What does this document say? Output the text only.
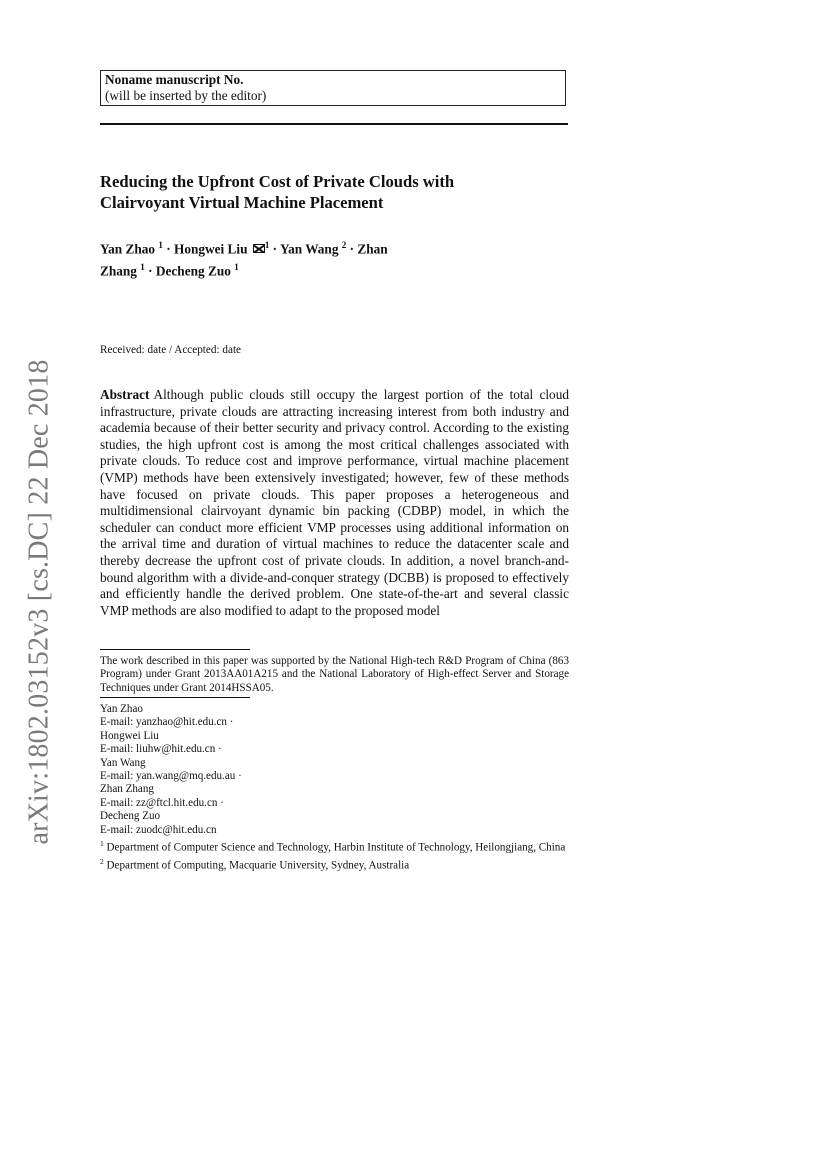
arXiv:1802.03152v3 [cs.DC] 22 Dec 2018
Noname manuscript No.
(will be inserted by the editor)
Reducing the Upfront Cost of Private Clouds with
Clairvoyant Virtual Machine Placement
Yan Zhao $^1$ · Hongwei Liu $^1$ · Yan Wang $^2$ · Zhan Zhang $^1$ · Decheng Zuo $^1$
Received: date / Accepted: date
Abstract Although public clouds still occupy the largest portion of the total cloud infrastructure, private clouds are attracting increasing interest from both industry and academia because of their better security and privacy control. According to the existing studies, the high upfront cost is among the most critical challenges associated with private clouds. To reduce cost and improve performance, virtual machine placement (VMP) methods have been extensively investigated; however, few of these methods have focused on private clouds. This paper proposes a heterogeneous and multidimensional clairvoyant dynamic bin packing (CDBP) model, in which the scheduler can conduct more efficient VMP processes using additional information on the arrival time and duration of virtual machines to reduce the datacenter scale and thereby decrease the upfront cost of private clouds. In addition, a novel branch-and-bound algorithm with a divide-and-conquer strategy (DCBB) is proposed to effectively and efficiently handle the derived problem. One state-of-the-art and several classic VMP methods are also modified to adapt to the proposed model
The work described in this paper was supported by the National High-tech R&D Program of China (863 Program) under Grant 2013AA01A215 and the National Laboratory of High-effect Server and Storage Techniques under Grant 2014HSSA05.
Yan Zhao
E-mail: yanzhao@hit.edu.cn ·
Hongwei Liu
E-mail: liuhw@hit.edu.cn ·
Yan Wang
E-mail: yan.wang@mq.edu.au ·
Zhan Zhang
E-mail: zz@ftcl.hit.edu.cn ·
Decheng Zuo
E-mail: zuodc@hit.edu.cn
$^1$ Department of Computer Science and Technology, Harbin Institute of Technology, Heilongjiang, China
$^2$ Department of Computing, Macquarie University, Sydney, Australia
